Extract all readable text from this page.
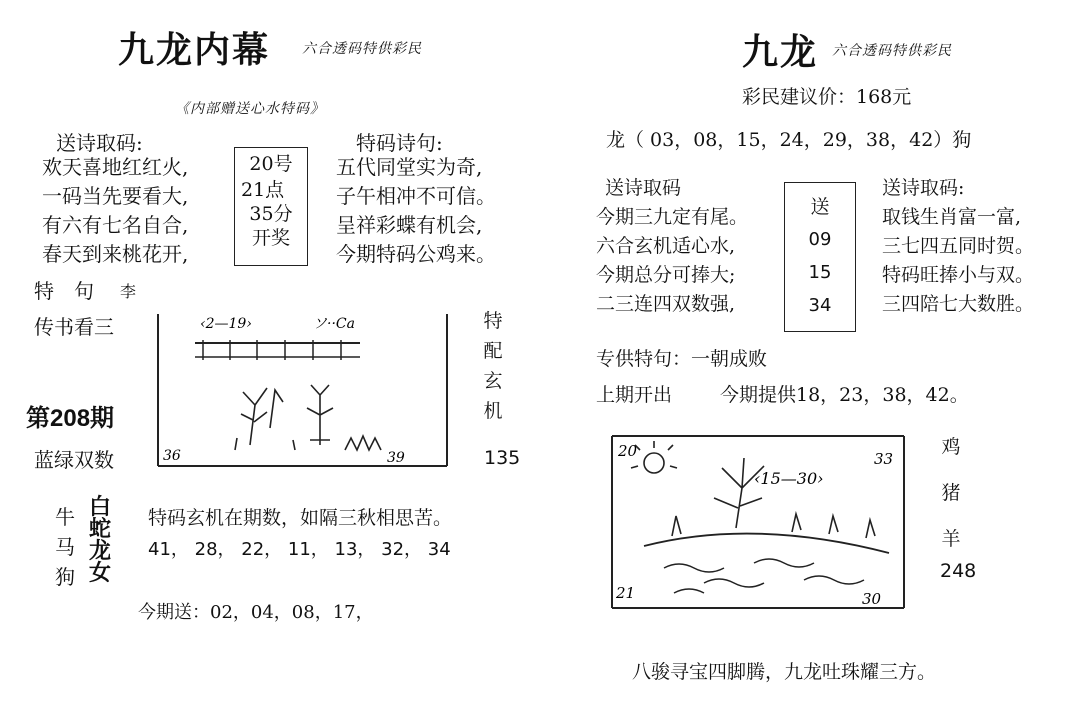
九龙内幕 六合透码特供彩民
《内部赠送心水特码》
送诗取码:
欢天喜地红红火,
一码当先要看大,
有六有七名自合,
春天到来桃花开,
20号
21点
35分
开奖
特码诗句:
五代同堂实为奇,
子午相冲不可信。
呈祥彩蝶有机会,
今期特码公鸡来。
特　句 李
传书看三
第208期
蓝绿双数
‹2—19›	ソ··Ca
36	39
特
配
玄
机
135
牛
马
狗
白
蛇
龙
女
特码玄机在期数，如隔三秋相思苦。
41， 28， 22， 11， 13， 32， 34
今期送：02，04，08，17，
九龙 六合透码特供彩民
彩民建议价：168元
龙（ 03，08，15，24，29，38，42）狗
送诗取码
今期三九定有尾。
六合玄机适心水,
今期总分可捧大;
二三连四双数强,
送
09
15
34
送诗取码:
取钱生肖富一富,
三七四五同时贺。
特码旺捧小与双。
三四陪七大数胜。
专供特句：一朝成败
上期开出	今期提供18，23，38，42。
20	33
21	30
‹15—30›
鸡
猪
羊
248
八骏寻宝四脚腾，九龙吐珠耀三方。
